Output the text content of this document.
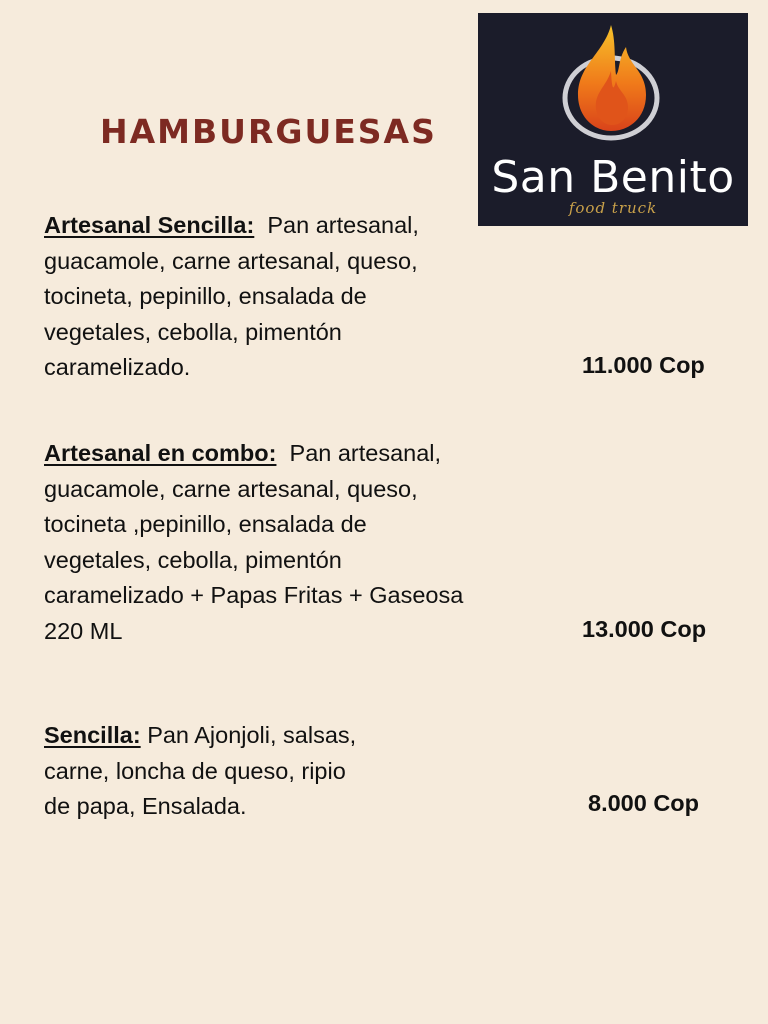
HAMBURGUESAS
San Benito
food truck
Artesanal Sencilla: Pan artesanal,
guacamole, carne artesanal, queso,
tocineta, pepinillo, ensalada de
vegetales, cebolla, pimentón
caramelizado.	11.000 Cop
Artesanal en combo: Pan artesanal,
guacamole, carne artesanal, queso,
tocineta ,pepinillo, ensalada de
vegetales, cebolla, pimentón
caramelizado + Papas Fritas + Gaseosa
220 ML	13.000 Cop
Sencilla: Pan Ajonjoli, salsas,
carne, loncha de queso, ripio
de papa, Ensalada.	8.000 Cop
